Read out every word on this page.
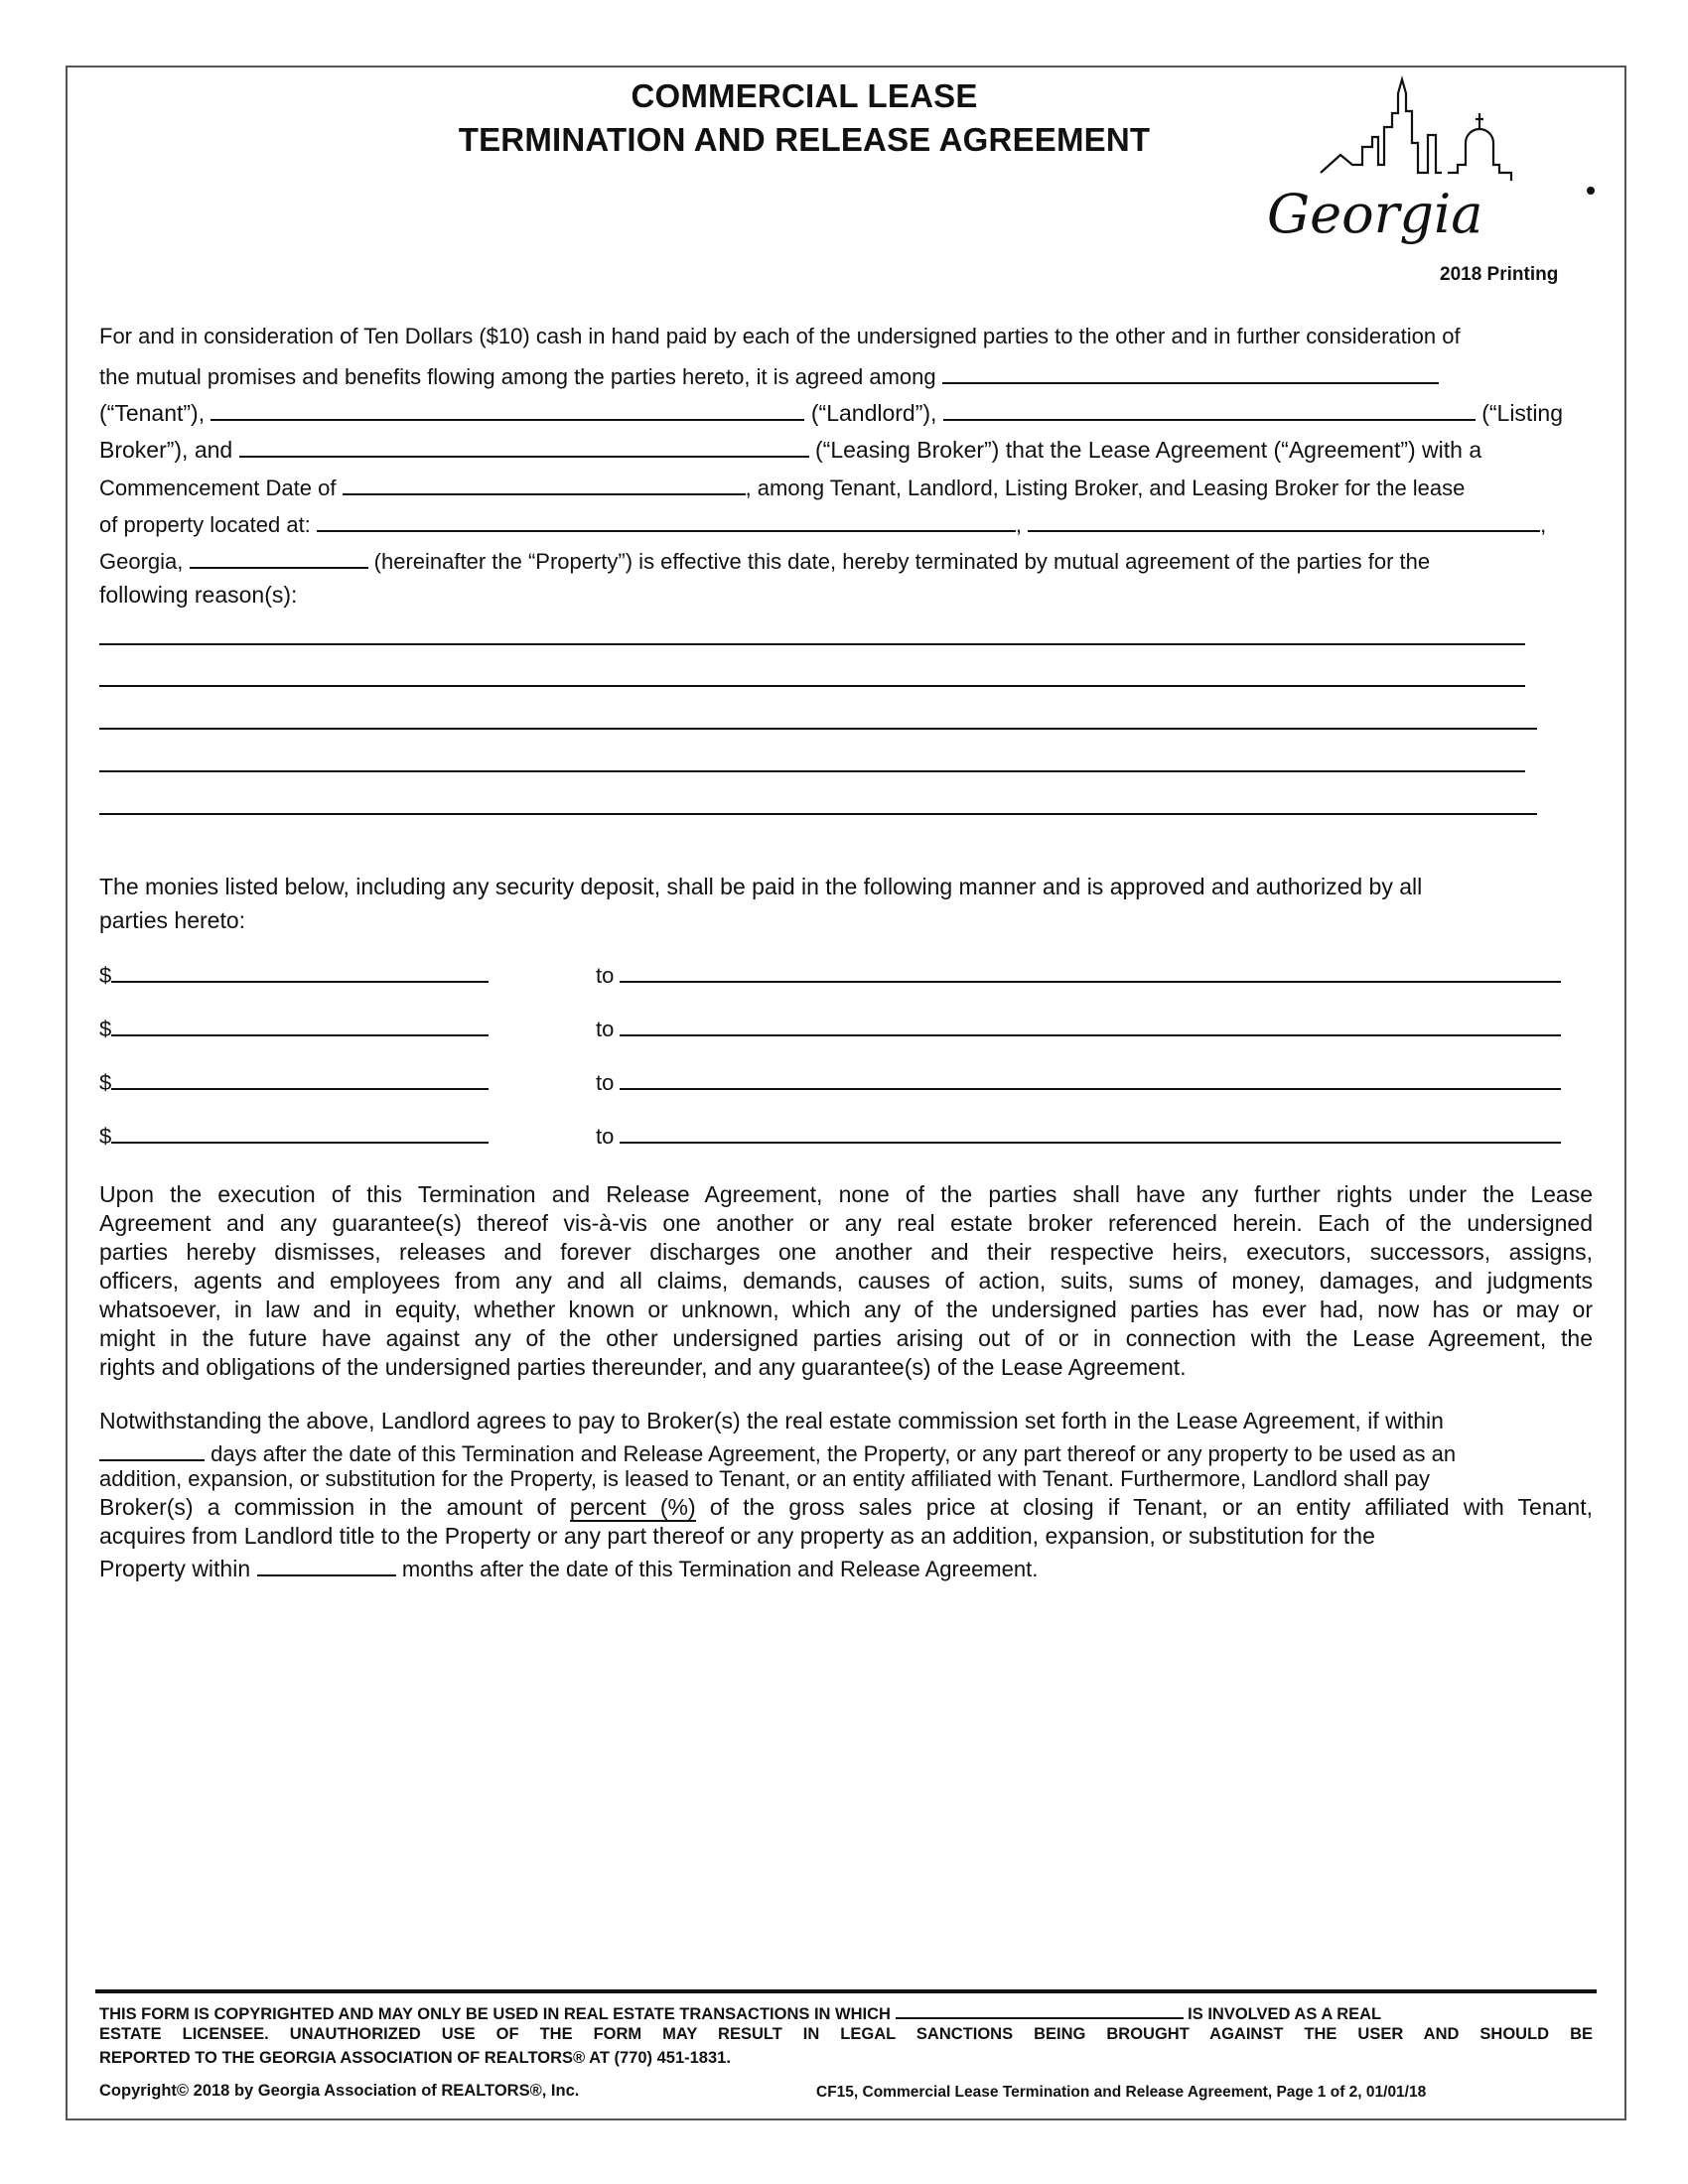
COMMERCIAL LEASE
TERMINATION AND RELEASE AGREEMENT
Georgia
2018 Printing
For and in consideration of Ten Dollars ($10) cash in hand paid by each of the undersigned parties to the other and in further consideration of
the mutual promises and benefits flowing among the parties hereto, it is agreed among
(“Tenant”),	(“Landlord”),	(“Listing
Broker”), and	(“Leasing Broker”) that the Lease Agreement (“Agreement”) with a
Commencement Date of	, among Tenant, Landlord, Listing Broker, and Leasing Broker for the lease
of property located at:	,	,
Georgia,	(hereinafter the “Property”) is effective this date, hereby terminated by mutual agreement of the parties for the
following reason(s):
The monies listed below, including any security deposit, shall be paid in the following manner and is approved and authorized by all
parties hereto:
$	to
$	to
$	to
$	to
Upon the execution of this Termination and Release Agreement, none of the parties shall have any further rights under the Lease
Agreement and any guarantee(s) thereof vis-à-vis one another or any real estate broker referenced herein. Each of the undersigned
parties hereby dismisses, releases and forever discharges one another and their respective heirs, executors, successors, assigns,
officers, agents and employees from any and all claims, demands, causes of action, suits, sums of money, damages, and judgments
whatsoever, in law and in equity, whether known or unknown, which any of the undersigned parties has ever had, now has or may or
might in the future have against any of the other undersigned parties arising out of or in connection with the Lease Agreement, the
rights and obligations of the undersigned parties thereunder, and any guarantee(s) of the Lease Agreement.
Notwithstanding the above, Landlord agrees to pay to Broker(s) the real estate commission set forth in the Lease Agreement, if within
days after the date of this Termination and Release Agreement, the Property, or any part thereof or any property to be used as an
addition, expansion, or substitution for the Property, is leased to Tenant, or an entity affiliated with Tenant. Furthermore, Landlord shall pay
Broker(s) a commission in the amount of percent (%) of the gross sales price at closing if Tenant, or an entity affiliated with Tenant,
acquires from Landlord title to the Property or any part thereof or any property as an addition, expansion, or substitution for the
Property within	months after the date of this Termination and Release Agreement.
THIS FORM IS COPYRIGHTED AND MAY ONLY BE USED IN REAL ESTATE TRANSACTIONS IN WHICH	IS INVOLVED AS A REAL
ESTATE LICENSEE. UNAUTHORIZED USE OF THE FORM MAY RESULT IN LEGAL SANCTIONS BEING BROUGHT AGAINST THE USER AND SHOULD BE
REPORTED TO THE GEORGIA ASSOCIATION OF REALTORS® AT (770) 451-1831.
Copyright© 2018 by Georgia Association of REALTORS®, Inc.	CF15, Commercial Lease Termination and Release Agreement, Page 1 of 2, 01/01/18
